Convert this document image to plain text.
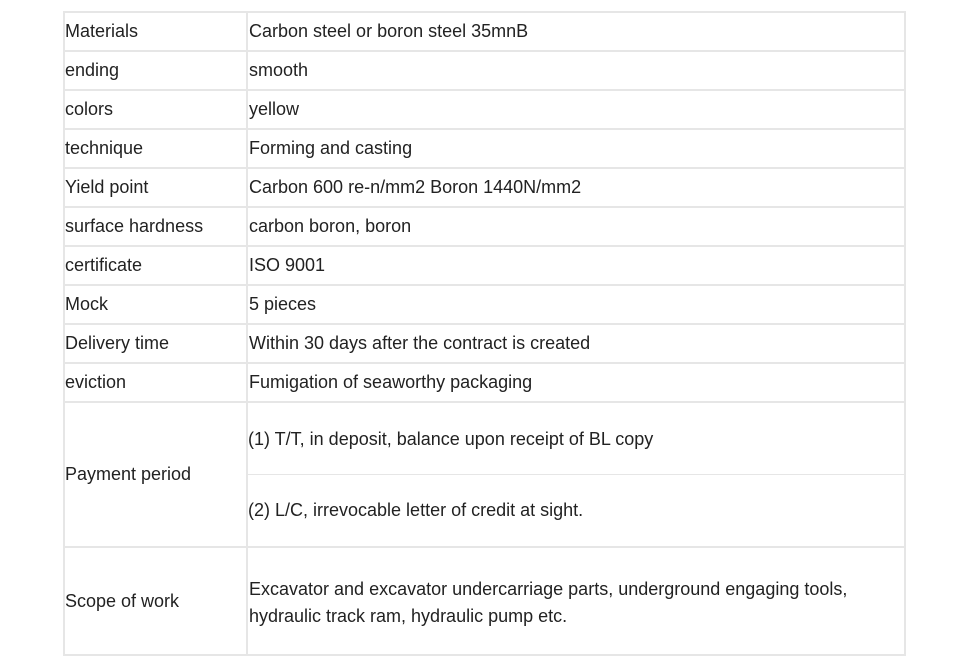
Materials	Carbon steel or boron steel 35mnB
ending	smooth
colors	yellow
technique	Forming and casting
Yield point	Carbon 600 re-n/mm2 Boron 1440N/mm2
surface hardness	carbon boron, boron
certificate	ISO 9001
Mock	5 pieces
Delivery time	Within 30 days after the contract is created
eviction	Fumigation of seaworthy packaging
Payment period	(1) T/T, in deposit, balance upon receipt of BL copy
(2) L/C, irrevocable letter of credit at sight.

Scope of work	Excavator and excavator undercarriage parts, underground engaging tools,
hydraulic track ram, hydraulic pump etc.
